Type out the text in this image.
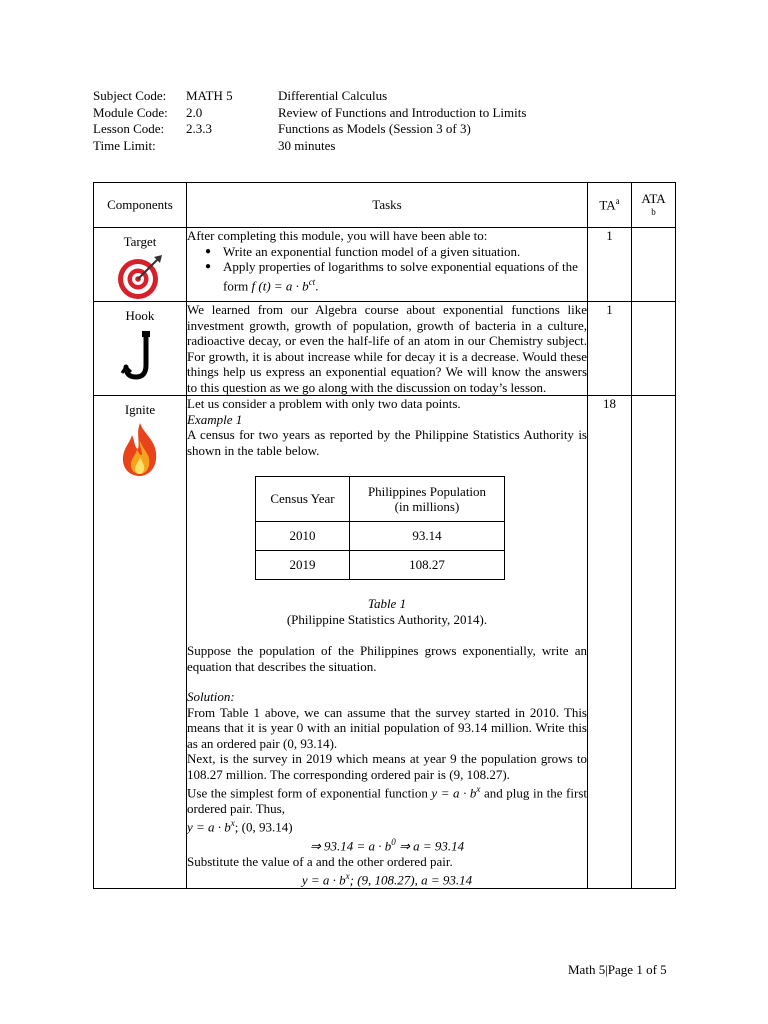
Subject Code:	MATH 5	Differential Calculus
Module Code:	2.0	Review of Functions and Introduction to Limits
Lesson Code:	2.3.3	Functions as Models (Session 3 of 3)
Time Limit:	30 minutes
Components	Tasks	$TA^a$	ATA
b

Target	After completing this module, you will have been able to:
● Write an exponential function model of a given situation.
● Apply properties of logarithms to solve exponential equations of the form f $(t) = a \cdot b^{ct}$.
	1	

Hook	We learned from our Algebra course about exponential functions like investment growth, growth of population, growth of bacteria in a culture, radioactive decay, or even the half-life of an atom in our Chemistry subject. For growth, it is about increase while for decay it is a decrease. Would these things help us express an exponential equation? We will know the answers to this question as we go along with the discussion on today’s lesson.	1	

Ignite	Let us consider a problem with only two data points.
Example 1
A census for two years as reported by the Philippine Statistics Authority is shown in the table below.
Census Year	Philippines Population
(in millions)
2010	93.14
2019	108.27
Table 1
(Philippine Statistics Authority, 2014).
Suppose the population of the Philippines grows exponentially, write an equation that describes the situation.
Solution:
From Table 1 above, we can assume that the survey started in 2010. This means that it is year 0 with an initial population of 93.14 million. Write this as an ordered pair (0, 93.14).
Next, is the survey in 2019 which means at year 9 the population grows to 108.27 million. The corresponding ordered pair is (9, 108.27).
Use the simplest form of exponential function $y = a \cdot b^x$ and plug in the first ordered pair. Thus,
$y = a \cdot b^x$; (0, 93.14)
⇒ $93.14 = a \cdot b^0$ ⇒ a = 93.14
Substitute the value of a and the other ordered pair.
$y = a \cdot b^x$; (9, 108.27), a = 93.14
	18	
Math 5|Page 1 of 5
